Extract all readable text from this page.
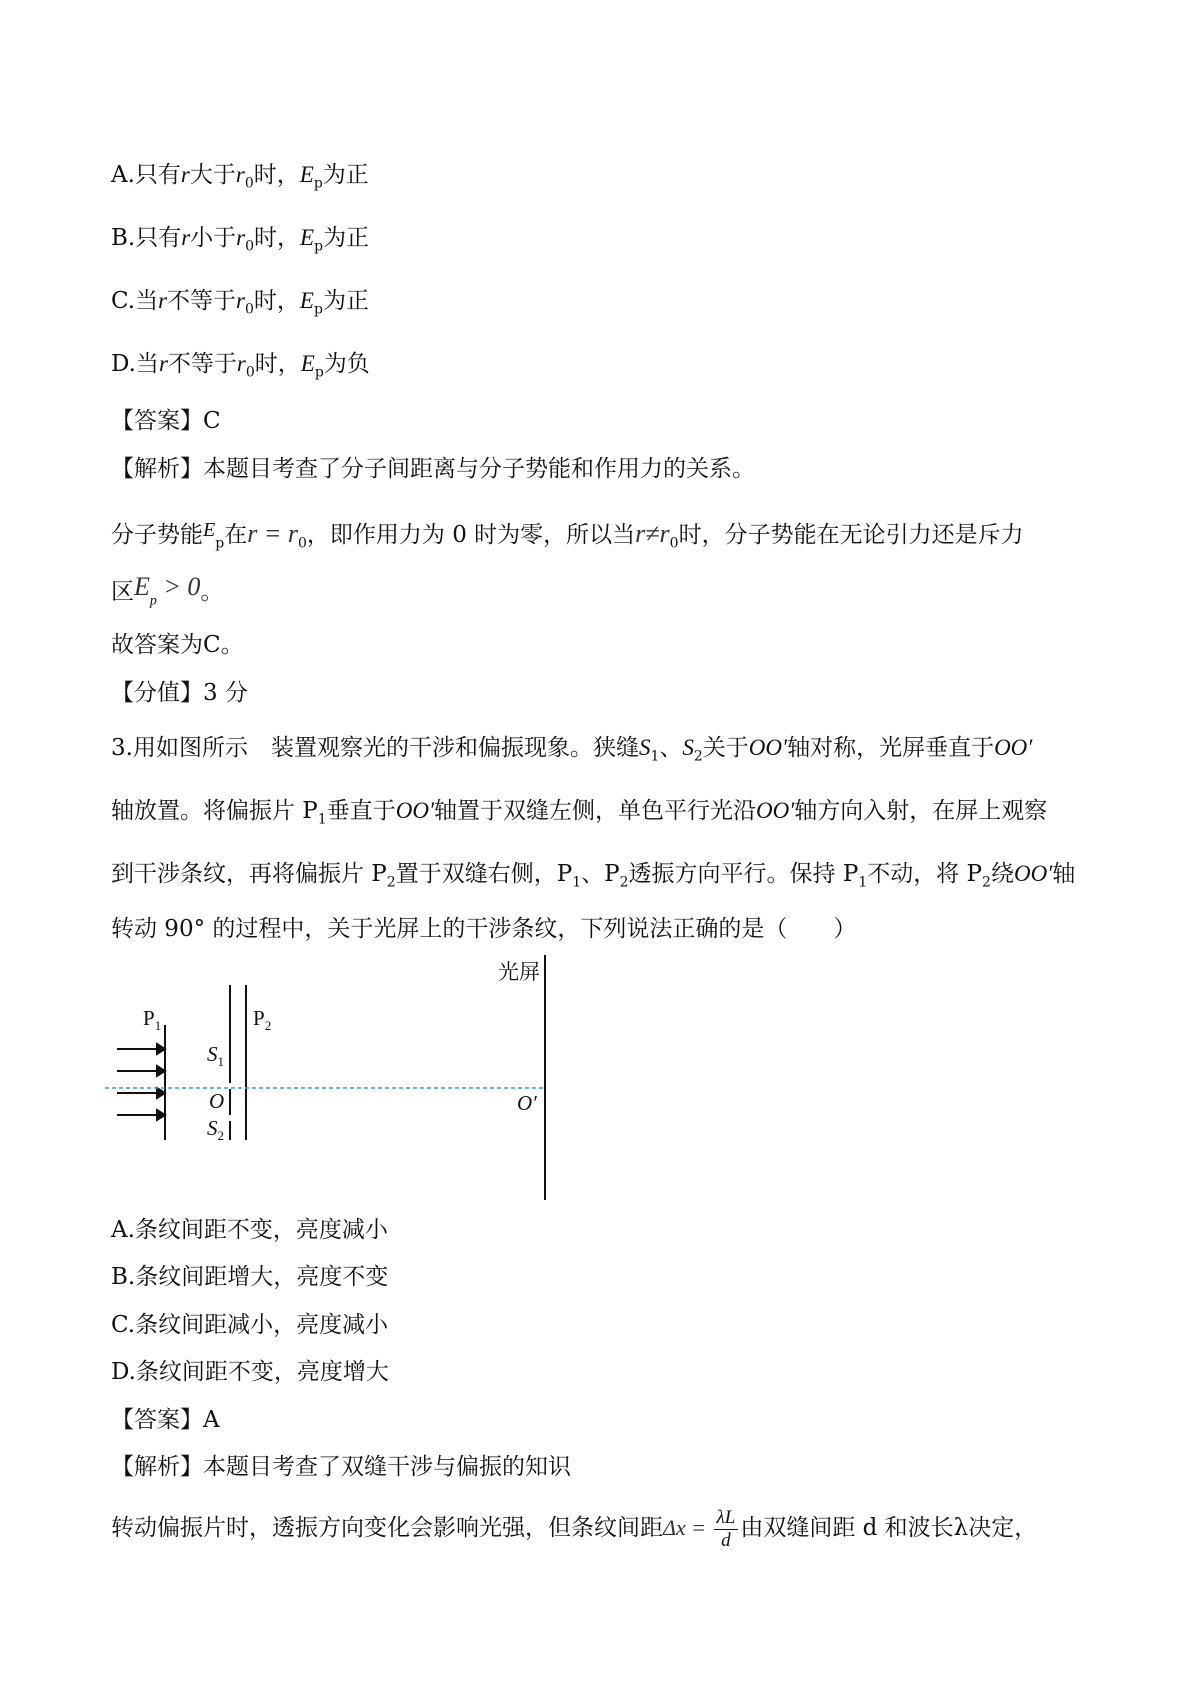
A.只有r大于$r_0$时，$E_p$为正
B.只有r小于$r_0$时，$E_p$为正
C.当r不等于$r_0$时，$E_p$为正
D.当r不等于$r_0$时，$E_p$为负
【答案】C
【解析】本题目考查了分子间距离与分子势能和作用力的关系。
分子势能$E_p$在$r = r_0$，即作用力为 0 时为零，所以当$r\ne r_0$时，分子势能在无论引力还是斥力
区$E_p > 0$。
故答案为C。
【分值】3 分
3.用如图所示　装置观察光的干涉和偏振现象。狭缝$S_1$、$S_2$关于OO′轴对称，光屏垂直于OO′
轴放置。将偏振片 $P_1$垂直于OO′轴置于双缝左侧，单色平行光沿OO′轴方向入射，在屏上观察
到干涉条纹，再将偏振片 $P_2$置于双缝右侧，$P_1$、$P_2$透振方向平行。保持 $P_1$不动，将 $P_2$绕OO′轴
转动 90° 的过程中，关于光屏上的干涉条纹，下列说法正确的是（　　）
光屏
$P_1$	$P_2$
$S_1$
O
$S_2$
O′
A.条纹间距不变，亮度减小
B.条纹间距增大，亮度不变
C.条纹间距减小，亮度减小
D.条纹间距不变，亮度增大
【答案】A
【解析】本题目考查了双缝干涉与偏振的知识
转动偏振片时，透振方向变化会影响光强，但条纹间距$\Delta x = \frac{\lambda L}{d}$ 由双缝间距 d 和波长λ决定，
